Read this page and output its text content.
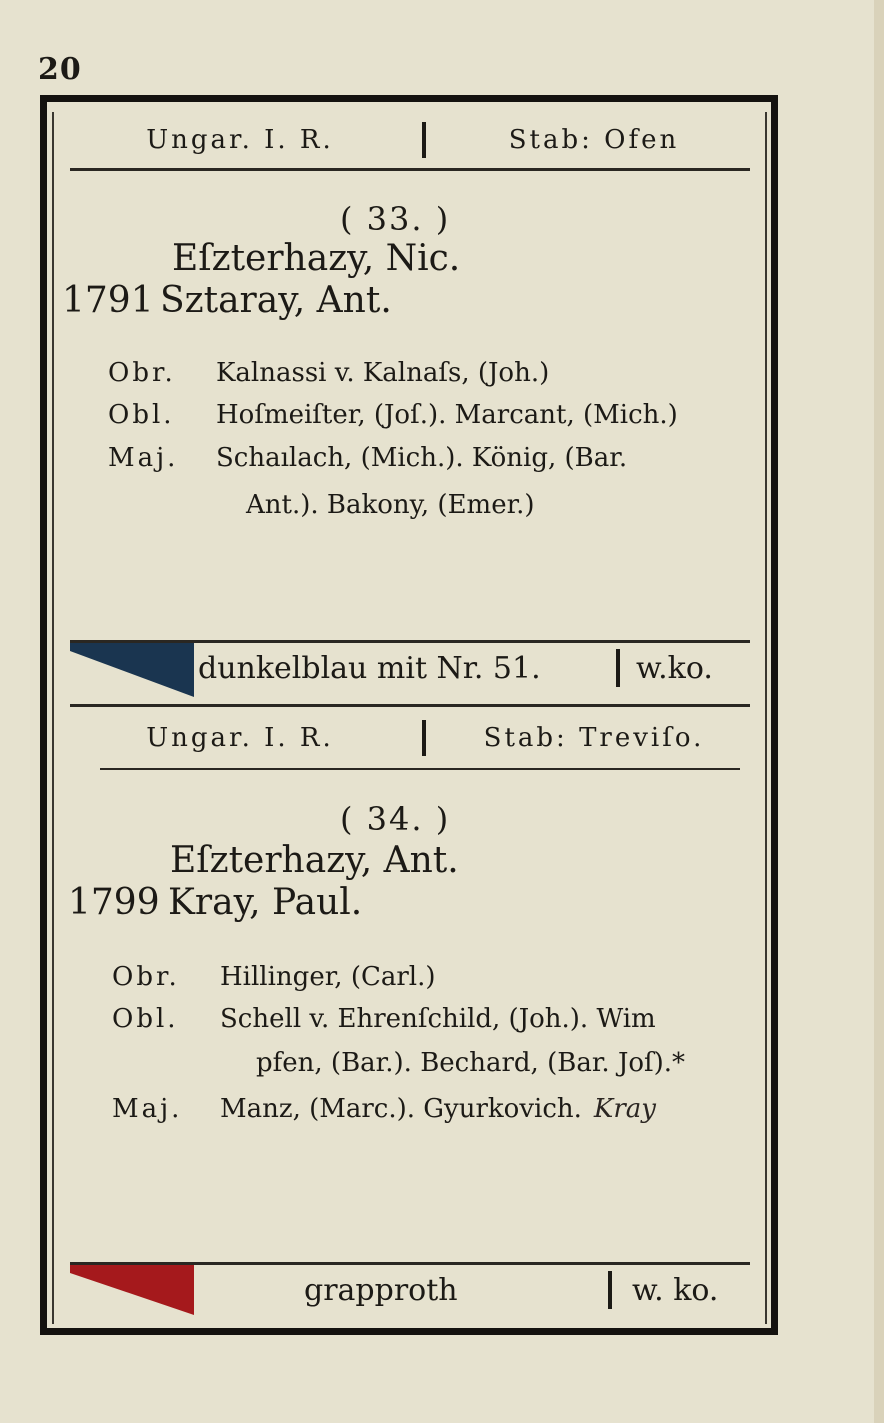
20
Ungar. I. R.	Stab: Ofen
( 33. )
Eſzterhazy, Nic.
1791 Sztaray, Ant.
Obr.	Kalnassi v. Kalnaſs, (Joh.)
Obl.	Hoſmeiſter, (Joſ.). Marcant, (Mich.)
Maj.	Schaılach, (Mich.). König, (Bar.
Ant.). Bakony, (Emer.)
dunkelblau mit Nr. 51.	w.ko.
Ungar. I. R.	Stab: Treviſo.
( 34. )
Eſzterhazy, Ant.
1799 Kray, Paul.
Obr.	Hillinger, (Carl.)
Obl.	Schell v. Ehrenſchild, (Joh.). Wim
pfen, (Bar.). Bechard, (Bar. Joſ).*
Maj.	Manz, (Marc.). Gyurkovich. Kray
grapproth	w. ko.
